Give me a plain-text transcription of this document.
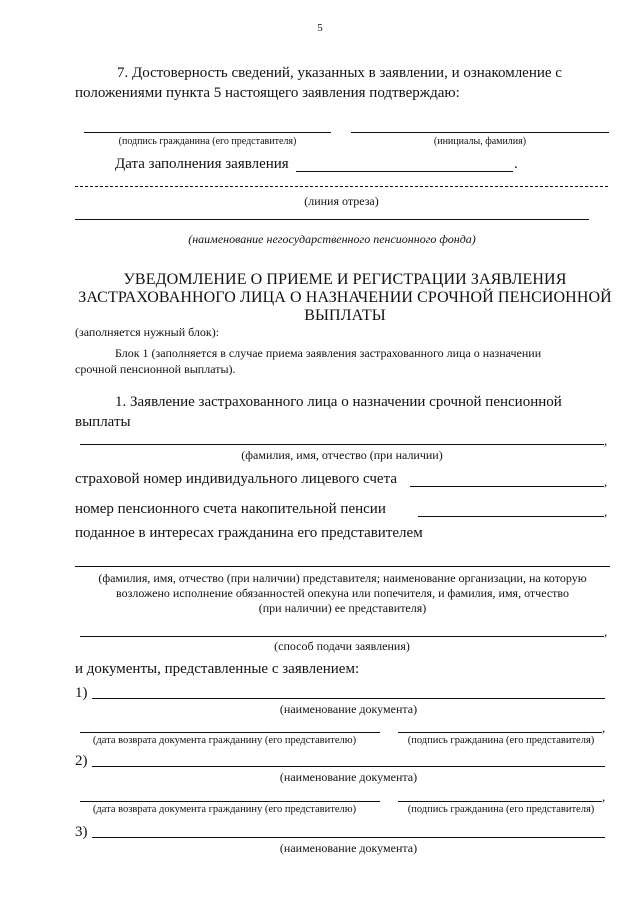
5
7. Достоверность сведений, указанных в заявлении, и ознакомление с
положениями пункта 5 настоящего заявления подтверждаю:
(подпись гражданина (его представителя)	(инициалы, фамилия)
Дата заполнения заявления	.
(линия отреза)
(наименование негосударственного пенсионного фонда)
УВЕДОМЛЕНИЕ О ПРИЕМЕ И РЕГИСТРАЦИИ ЗАЯВЛЕНИЯ
ЗАСТРАХОВАННОГО ЛИЦА О НАЗНАЧЕНИИ СРОЧНОЙ ПЕНСИОННОЙ
ВЫПЛАТЫ
(заполняется нужный блок):
Блок 1 (заполняется в случае приема заявления застрахованного лица о назначении
срочной пенсионной выплаты).
1. Заявление застрахованного лица о назначении срочной пенсионной
выплаты
,
(фамилия, имя, отчество (при наличии)
страховой номер индивидуального лицевого счета	,
номер пенсионного счета накопительной пенсии	,
поданное в интересах гражданина его представителем
(фамилия, имя, отчество (при наличии) представителя; наименование организации, на которую
возложено исполнение обязанностей опекуна или попечителя, и фамилия, имя, отчество
(при наличии) ее представителя)
,
(способ подачи заявления)
и документы, представленные с заявлением:
1)
(наименование документа)
,
(дата возврата документа гражданину (его представителю)	(подпись гражданина (его представителя)
2)
(наименование документа)
,
(дата возврата документа гражданину (его представителю)	(подпись гражданина (его представителя)
3)
(наименование документа)
